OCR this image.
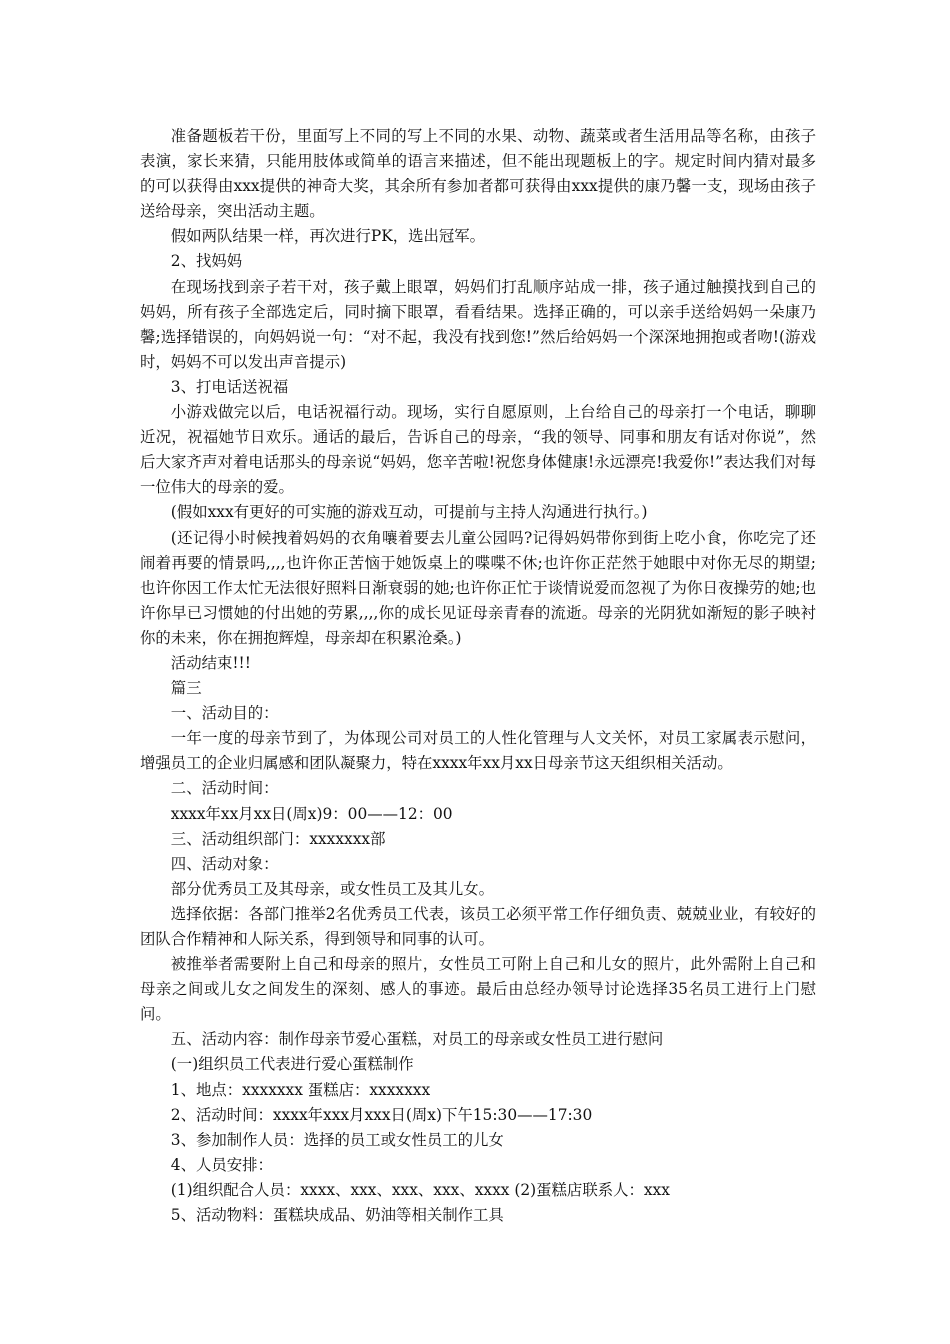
准备题板若干份，里面写上不同的写上不同的水果、动物、蔬菜或者生活用品等名称，由孩子表演，家长来猜，只能用肢体或简单的语言来描述，但不能出现题板上的字。规定时间内猜对最多的可以获得由xxx提供的神奇大奖，其余所有参加者都可获得由xxx提供的康乃馨一支，现场由孩子送给母亲，突出活动主题。

假如两队结果一样，再次进行PK，选出冠军。

2、找妈妈

在现场找到亲子若干对，孩子戴上眼罩，妈妈们打乱顺序站成一排，孩子通过触摸找到自己的妈妈，所有孩子全部选定后，同时摘下眼罩，看看结果。选择正确的，可以亲手送给妈妈一朵康乃馨;选择错误的，向妈妈说一句：“对不起，我没有找到您!”然后给妈妈一个深深地拥抱或者吻!(游戏时，妈妈不可以发出声音提示)

3、打电话送祝福

小游戏做完以后，电话祝福行动。现场，实行自愿原则，上台给自己的母亲打一个电话，聊聊近况，祝福她节日欢乐。通话的最后，告诉自己的母亲，“我的领导、同事和朋友有话对你说”，然后大家齐声对着电话那头的母亲说“妈妈，您辛苦啦!祝您身体健康!永远漂亮!我爱你!”表达我们对每一位伟大的母亲的爱。

(假如xxx有更好的可实施的游戏互动，可提前与主持人沟通进行执行。)

(还记得小时候拽着妈妈的衣角嚷着要去儿童公园吗?记得妈妈带你到街上吃小食，你吃完了还闹着再要的情景吗,,,,也许你正苦恼于她饭桌上的喋喋不休;也许你正茫然于她眼中对你无尽的期望;也许你因工作太忙无法很好照料日渐衰弱的她;也许你正忙于谈情说爱而忽视了为你日夜操劳的她;也许你早已习惯她的付出她的劳累,,,,你的成长见证母亲青春的流逝。母亲的光阴犹如渐短的影子映衬你的未来，你在拥抱辉煌，母亲却在积累沧桑。)

活动结束!!!

篇三

一、活动目的：

一年一度的母亲节到了，为体现公司对员工的人性化管理与人文关怀，对员工家属表示慰问，增强员工的企业归属感和团队凝聚力，特在xxxx年xx月xx日母亲节这天组织相关活动。

二、活动时间：

xxxx年xx月xx日(周x)9：00——12：00

三、活动组织部门：xxxxxxx部

四、活动对象：

部分优秀员工及其母亲，或女性员工及其儿女。

选择依据：各部门推举2名优秀员工代表，该员工必须平常工作仔细负责、兢兢业业，有较好的团队合作精神和人际关系，得到领导和同事的认可。

被推举者需要附上自己和母亲的照片，女性员工可附上自己和儿女的照片，此外需附上自己和母亲之间或儿女之间发生的深刻、感人的事迹。最后由总经办领导讨论选择35名员工进行上门慰问。

五、活动内容：制作母亲节爱心蛋糕，对员工的母亲或女性员工进行慰问

(一)组织员工代表进行爱心蛋糕制作

1、地点：xxxxxxx 蛋糕店：xxxxxxx

2、活动时间：xxxx年xxx月xxx日(周x)下午15:30——17:30

3、参加制作人员：选择的员工或女性员工的儿女

4、人员安排：

(1)组织配合人员：xxxx、xxx、xxx、xxx、xxxx (2)蛋糕店联系人：xxx

5、活动物料：蛋糕块成品、奶油等相关制作工具
